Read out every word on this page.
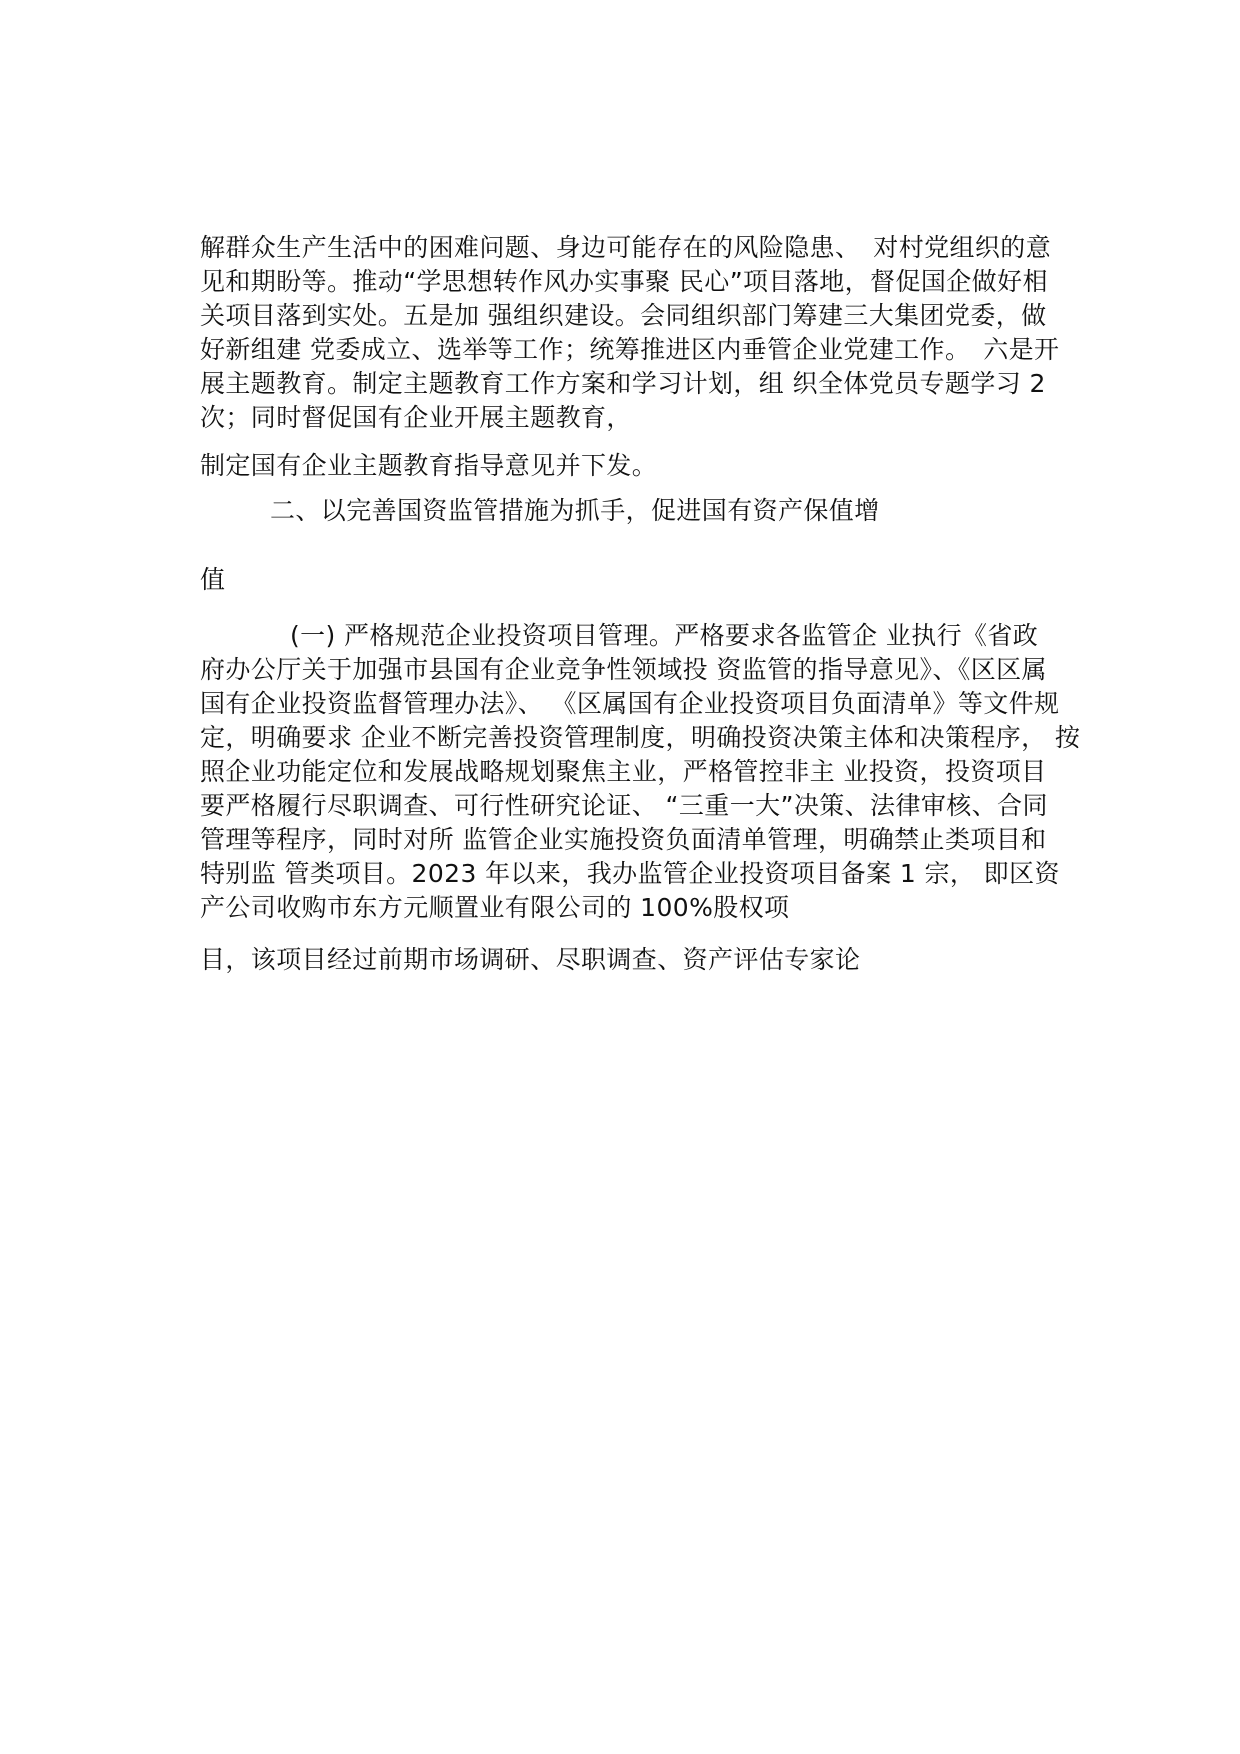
解群众生产生活中的困难问题、身边可能存在的风险隐患、　对村党组织的意
见和期盼等。推动“学思想转作风办实事聚 民心”项目落地，督促国企做好相
关项目落到实处。五是加 强组织建设。会同组织部门筹建三大集团党委，做
好新组建 党委成立、选举等工作；统筹推进区内垂管企业党建工作。　六是开
展主题教育。制定主题教育工作方案和学习计划，组 织全体党员专题学习 2
次；同时督促国有企业开展主题教育，
制定国有企业主题教育指导意见并下发。
二、以完善国资监管措施为抓手，促进国有资产保值增
值
(一) 严格规范企业投资项目管理。严格要求各监管企 业执行《省政
府办公厅关于加强市县国有企业竞争性领域投 资监管的指导意见》、《区区属
国有企业投资监督管理办法》、 《区属国有企业投资项目负面清单》等文件规
定，明确要求 企业不断完善投资管理制度，明确投资决策主体和决策程序， 按
照企业功能定位和发展战略规划聚焦主业，严格管控非主 业投资，投资项目
要严格履行尽职调查、可行性研究论证、 “三重一大”决策、法律审核、合同
管理等程序，同时对所 监管企业实施投资负面清单管理，明确禁止类项目和
特别监 管类项目。2023 年以来，我办监管企业投资项目备案 1 宗， 即区资
产公司收购市东方元顺置业有限公司的 100%股权项
目，该项目经过前期市场调研、尽职调查、资产评估专家论
